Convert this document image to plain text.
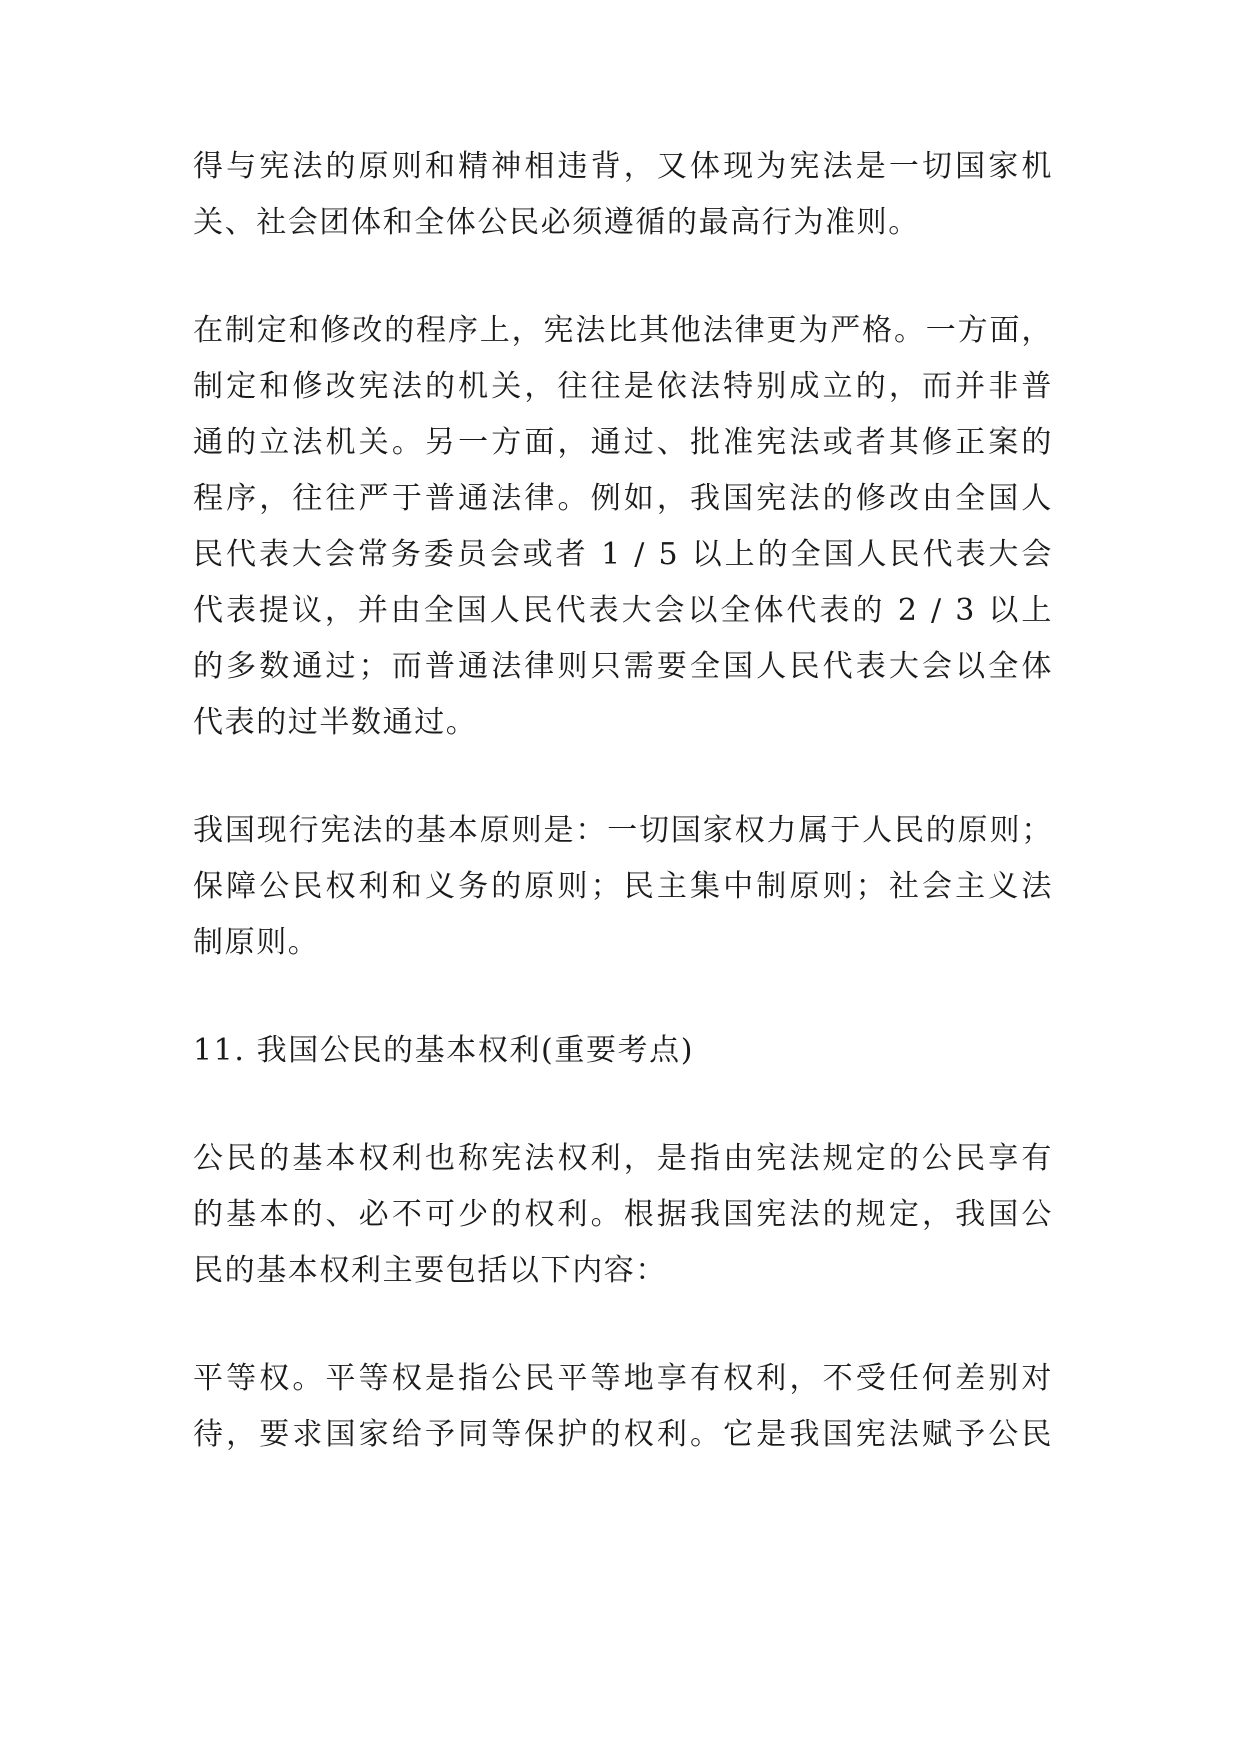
得与宪法的原则和精神相违背，又体现为宪法是一切国家机

关、社会团体和全体公民必须遵循的最高行为准则。

在制定和修改的程序上，宪法比其他法律更为严格。一方面，

制定和修改宪法的机关，往往是依法特别成立的，而并非普

通的立法机关。另一方面，通过、批准宪法或者其修正案的

程序，往往严于普通法律。例如，我国宪法的修改由全国人

民代表大会常务委员会或者 1 / 5 以上的全国人民代表大会

代表提议，并由全国人民代表大会以全体代表的 2 / 3 以上

的多数通过；而普通法律则只需要全国人民代表大会以全体

代表的过半数通过。

我国现行宪法的基本原则是：一切国家权力属于人民的原则；

保障公民权利和义务的原则；民主集中制原则；社会主义法

制原则。

11. 我国公民的基本权利(重要考点)

公民的基本权利也称宪法权利，是指由宪法规定的公民享有

的基本的、必不可少的权利。根据我国宪法的规定，我国公

民的基本权利主要包括以下内容：

平等权。平等权是指公民平等地享有权利，不受任何差别对

待，要求国家给予同等保护的权利。它是我国宪法赋予公民
